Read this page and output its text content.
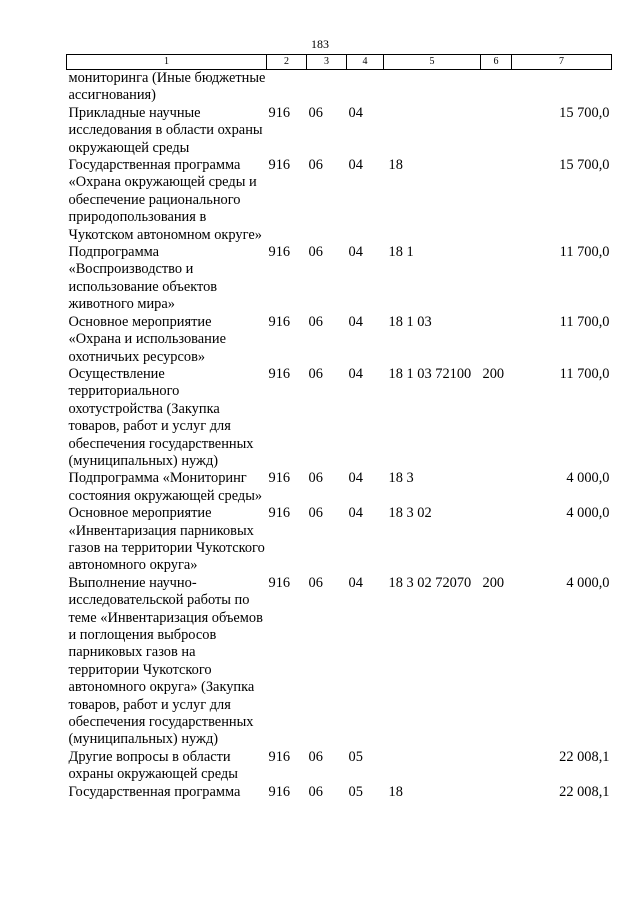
183
1	2	3	4	5	6	7
мониторинга (Иные бюджетные ассигнования)						
Прикладные научные исследования в области охраны окружающей среды	916	06	04			15 700,0
Государственная программа «Охрана окружающей среды и обеспечение рационального природопользования в Чукотском автономном округе»	916	06	04	18		15 700,0
Подпрограмма «Воспроизводство и использование объектов животного мира»	916	06	04	18 1		11 700,0
Основное мероприятие «Охрана и использование охотничьих ресурсов»	916	06	04	18 1 03		11 700,0
Осуществление территориального охотустройства (Закупка товаров, работ и услуг для обеспечения государственных (муниципальных) нужд)	916	06	04	18 1 03 72100	200	11 700,0
Подпрограмма «Мониторинг состояния окружающей среды»	916	06	04	18 3		4 000,0
Основное мероприятие «Инвентаризация парниковых газов на территории Чукотского автономного округа»	916	06	04	18 3 02		4 000,0
Выполнение научно-исследовательской работы по теме «Инвентаризация объемов и поглощения выбросов парниковых газов на территории Чукотского автономного округа» (Закупка товаров, работ и услуг для обеспечения государственных (муниципальных) нужд)	916	06	04	18 3 02 72070	200	4 000,0
Другие вопросы в области охраны окружающей среды	916	06	05			22 008,1
Государственная программа	916	06	05	18		22 008,1
